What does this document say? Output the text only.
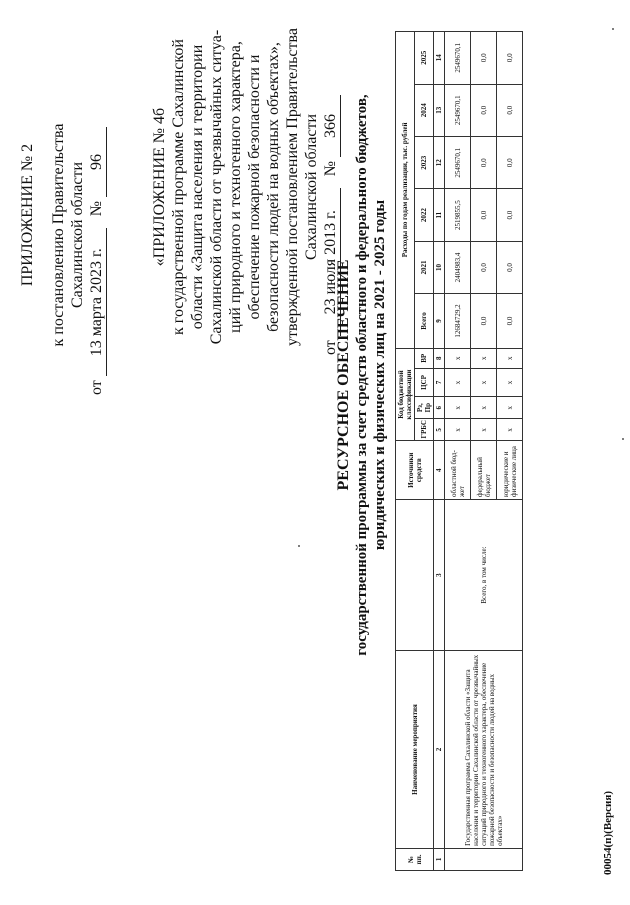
ПРИЛОЖЕНИЕ № 2 к постановлению Правительства Сахалинской области
от 13 марта 2023 г. № 96	«ПРИЛОЖЕНИЕ № 4б к государственной программе Сахалинской области «Защита населения и территории Сахалинской области от чрезвычайных ситуа- ций природного и техногенного характера, обеспечение пожарной безопасности и безопасности людей на водных объектах», утвержденной постановлением Правительства Сахалинской области
от 23 июля 2013 г. № 366
РЕСУРСНОЕ ОБЕСПЕЧЕНИЕ государственной программы за счет средств областного и федерального бюджетов, юридических и физических лиц на 2021 - 2025 годы
№ пп.	Наименование мероприятия		Источники средств	Код бюджетной классификации				Расходы по годам реализации, тыс. рублей					
				ГРБС	Рз, Пр	ЦСР	ВР	Всего	2021	2022	2023	2024	2025
1	2	3	4	5	6	7	8	9	10	11	12	13	14
	Государственная программа Сахалинской области «Защита населения и территории Сахалинской области от чрезвычайных ситуаций природного и техногенного характера, обеспечение пожарной безопасности и безопасности людей на водных объектах»	Всего, в том числе:	областной бюд-жет	х	х	х	х	12684729,2	2404983,4	2519855,5	2549670,1	2549670,1	2549670,1
			федеральный бюджет	х	х	х	х	0,0	0,0	0,0	0,0	0,0	0,0
			юридические и физические лица	х	х	х	х	0,0	0,0	0,0	0,0	0,0	0,0
00054(п)(Версия)
